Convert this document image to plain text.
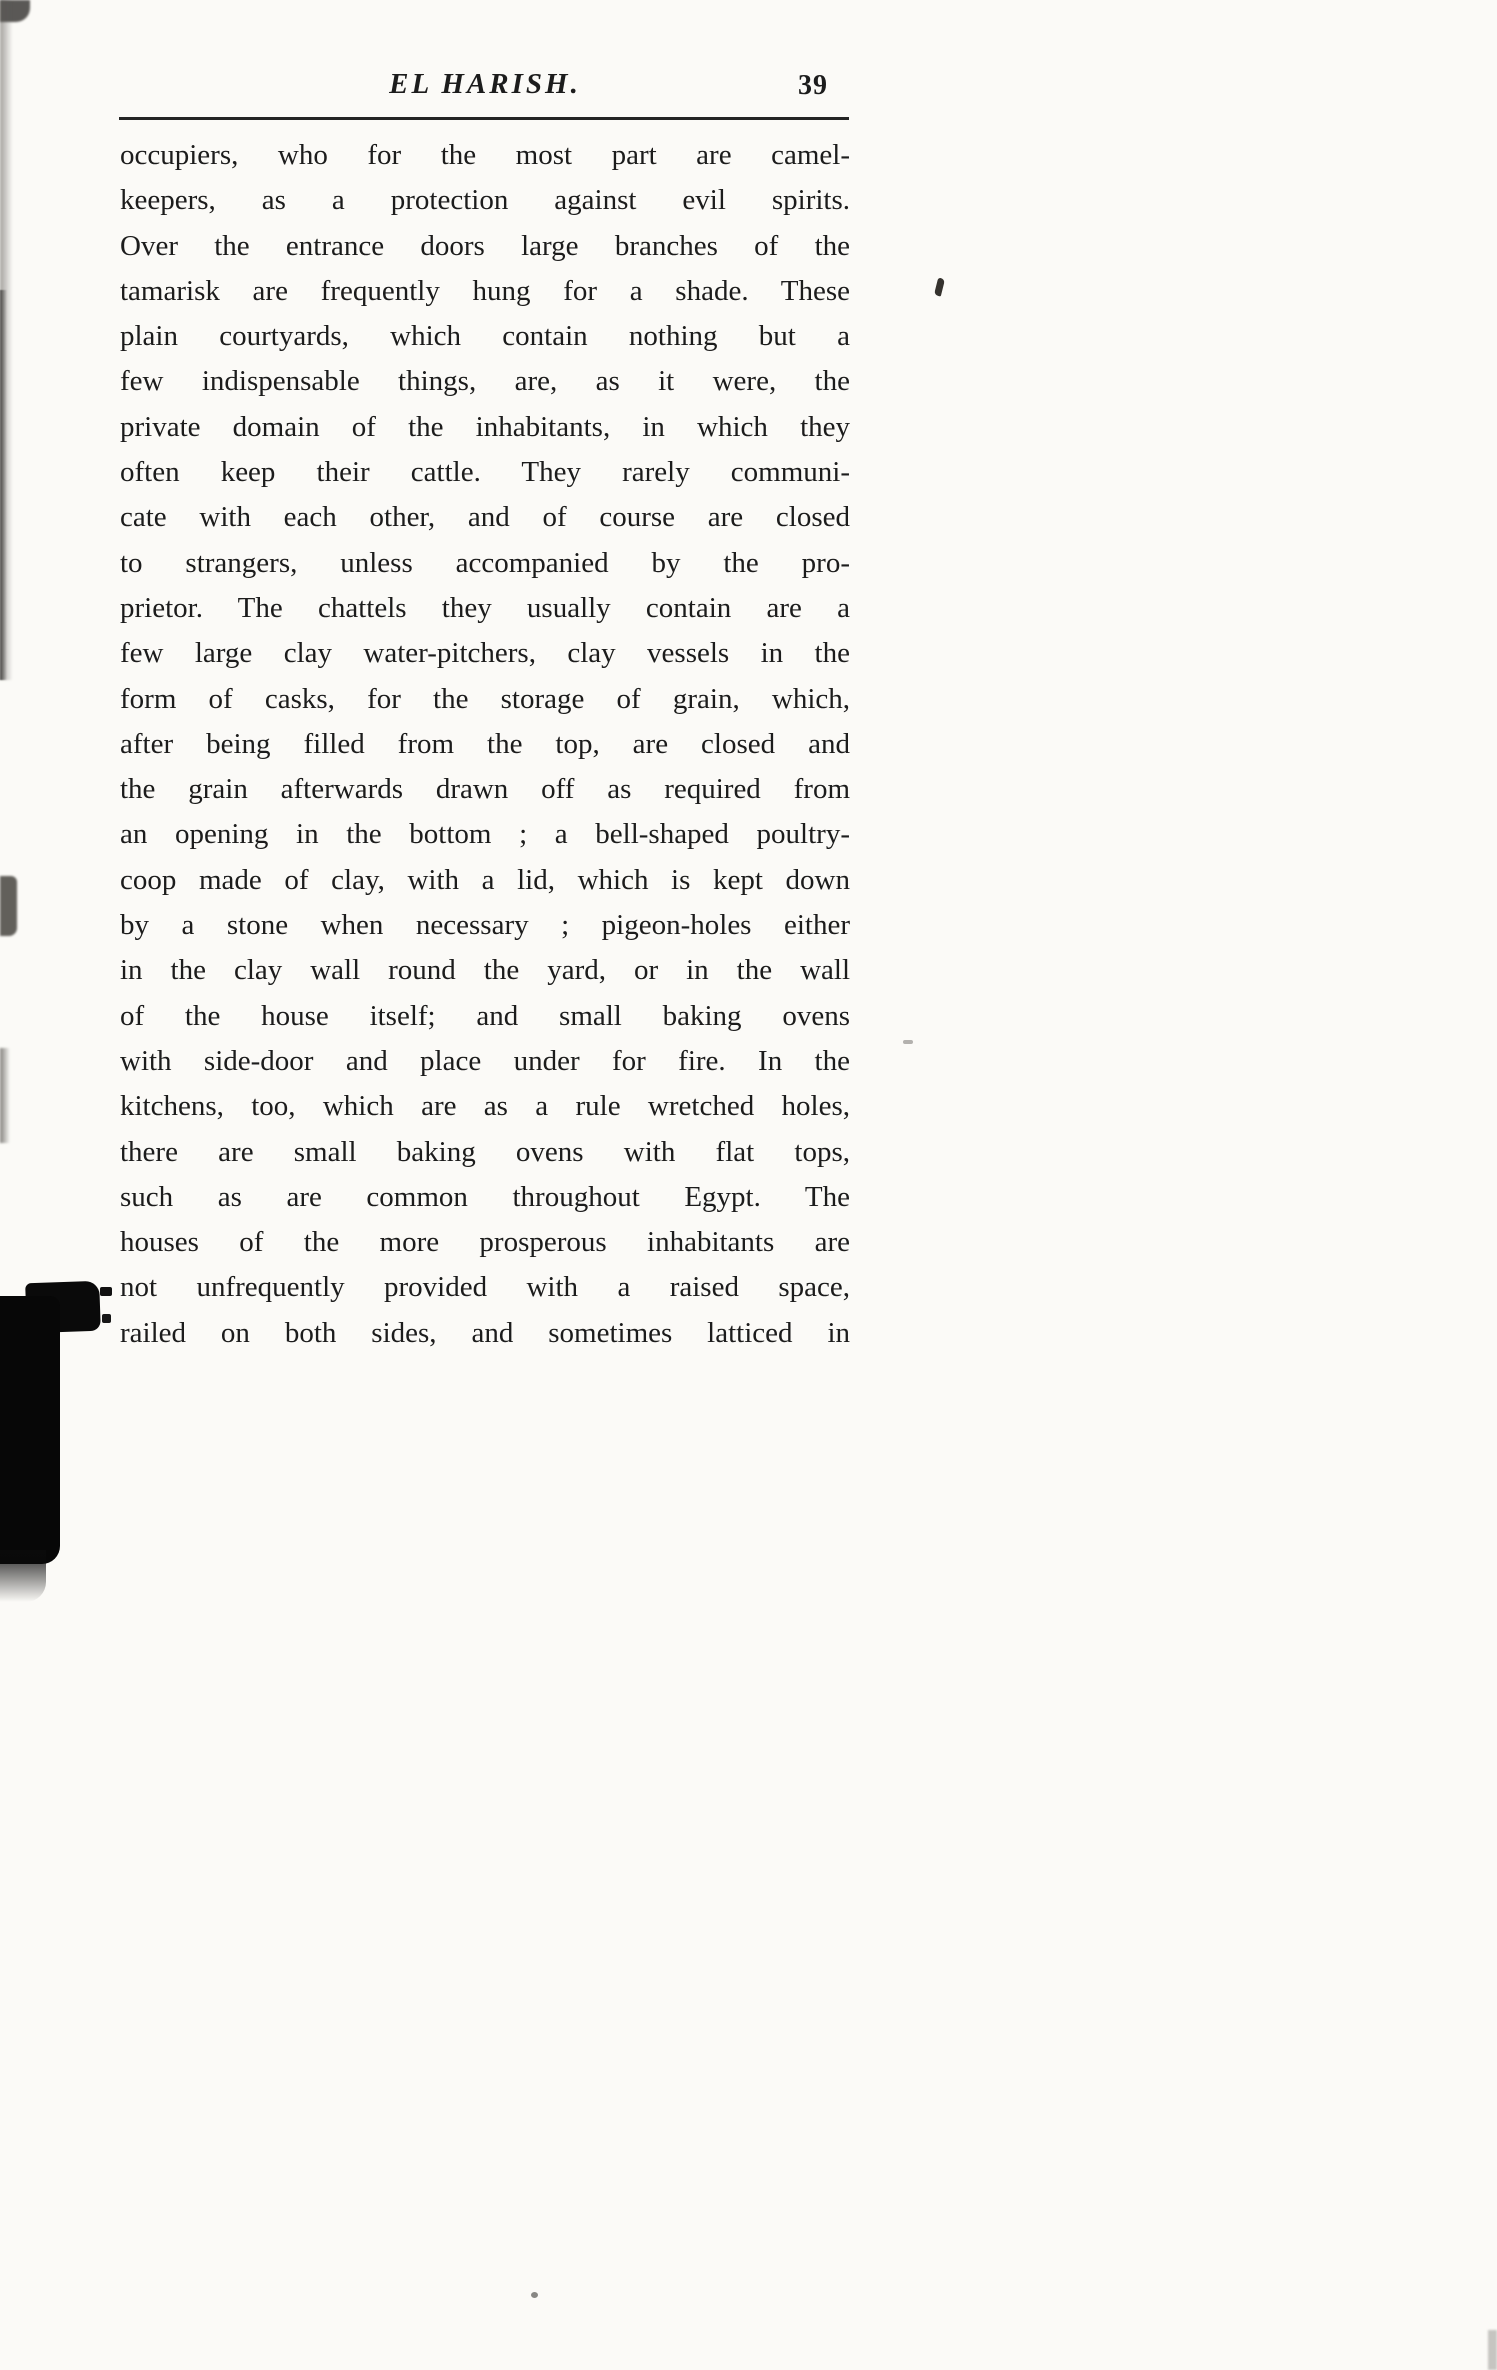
EL HARISH.	39
occupiers, who for the most part are camel-
keepers, as a protection against evil spirits.
Over the entrance doors large branches of the
tamarisk are frequently hung for a shade. These
plain courtyards, which contain nothing but a
few indispensable things, are, as it were, the
private domain of the inhabitants, in which they
often keep their cattle. They rarely communi-
cate with each other, and of course are closed
to strangers, unless accompanied by the pro-
prietor. The chattels they usually contain are a
few large clay water-pitchers, clay vessels in the
form of casks, for the storage of grain, which,
after being filled from the top, are closed and
the grain afterwards drawn off as required from
an opening in the bottom ; a bell-shaped poultry-
coop made of clay, with a lid, which is kept down
by a stone when necessary ; pigeon-holes either
in the clay wall round the yard, or in the wall
of the house itself; and small baking ovens
with side-door and place under for fire. In the
kitchens, too, which are as a rule wretched holes,
there are small baking ovens with flat tops,
such as are common throughout Egypt. The
houses of the more prosperous inhabitants are
not unfrequently provided with a raised space,
railed on both sides, and sometimes latticed in
